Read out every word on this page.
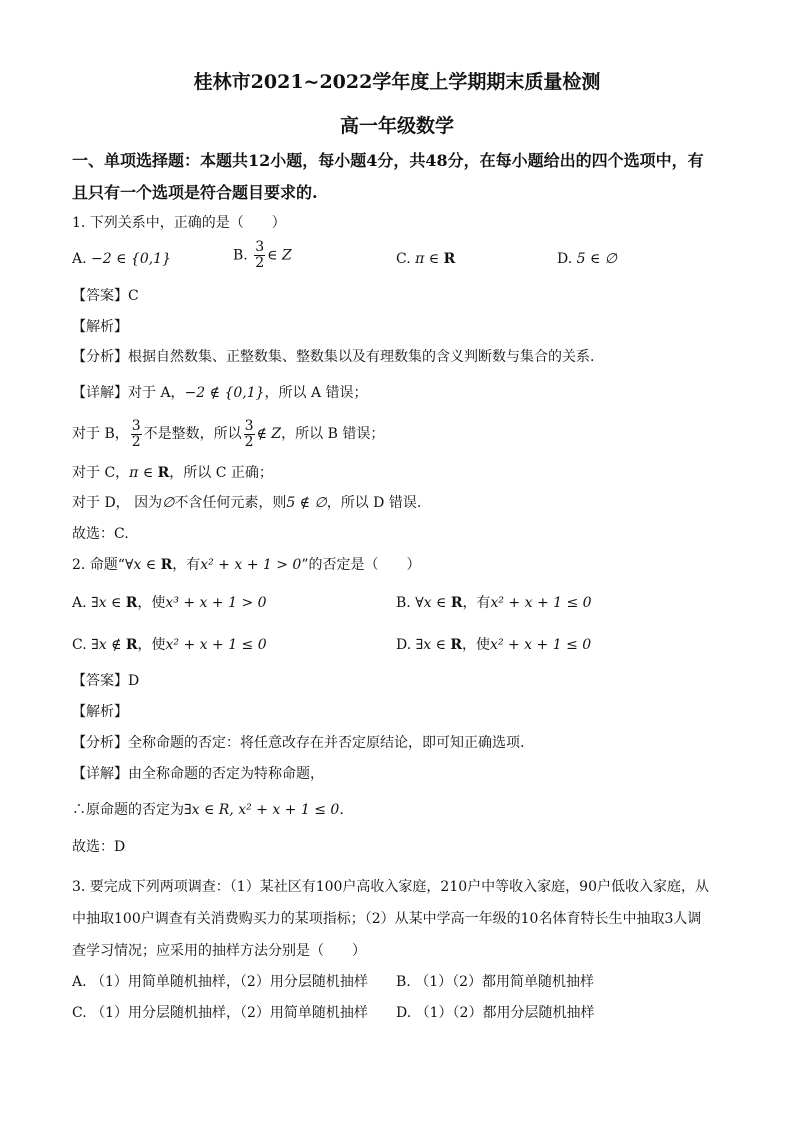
桂林市2021~2022学年度上学期期末质量检测
高一年级数学
一、单项选择题：本题共12小题，每小题4分，共48分，在每小题给出的四个选项中，有
且只有一个选项是符合题目要求的.
1. 下列关系中，正确的是（　　）
A. −2 ∈ {0,1}	B. $\frac{3}{2}$ ∈ Z	C. π ∈ R	D. 5 ∈ ∅
【答案】C
【解析】
【分析】根据自然数集、正整数集、整数集以及有理数集的含义判断数与集合的关系.
【详解】对于 A，−2 ∉ {0,1}，所以 A 错误；
对于 B， $\frac{3}{2}$ 不是整数，所以 $\frac{3}{2}$ ∉ Z，所以 B 错误；
对于 C，π ∈ R，所以 C 正确；
对于 D， 因为∅不含任何元素，则5 ∉ ∅，所以 D 错误.
故选：C.
2. 命题“∀x ∈ R，有x² + x + 1 > 0”的否定是（　　）
A. ∃x ∈ R，使x³ + x + 1 > 0	B. ∀x ∈ R，有x² + x + 1 ≤ 0
C. ∃x ∉ R，使x² + x + 1 ≤ 0	D. ∃x ∈ R，使x² + x + 1 ≤ 0
【答案】D
【解析】
【分析】全称命题的否定：将任意改存在并否定原结论，即可知正确选项.
【详解】由全称命题的否定为特称命题，
∴原命题的否定为∃x ∈ R, x² + x + 1 ≤ 0.
故选：D
3. 要完成下列两项调查：（1）某社区有100户高收入家庭，210户中等收入家庭，90户低收入家庭，从
中抽取100户调查有关消费购买力的某项指标；（2）从某中学高一年级的10名体育特长生中抽取3人调
查学习情况；应采用的抽样方法分别是（　　）
A. （1）用简单随机抽样，（2）用分层随机抽样 B. （1）（2）都用简单随机抽样
C. （1）用分层随机抽样，（2）用简单随机抽样 D. （1）（2）都用分层随机抽样
